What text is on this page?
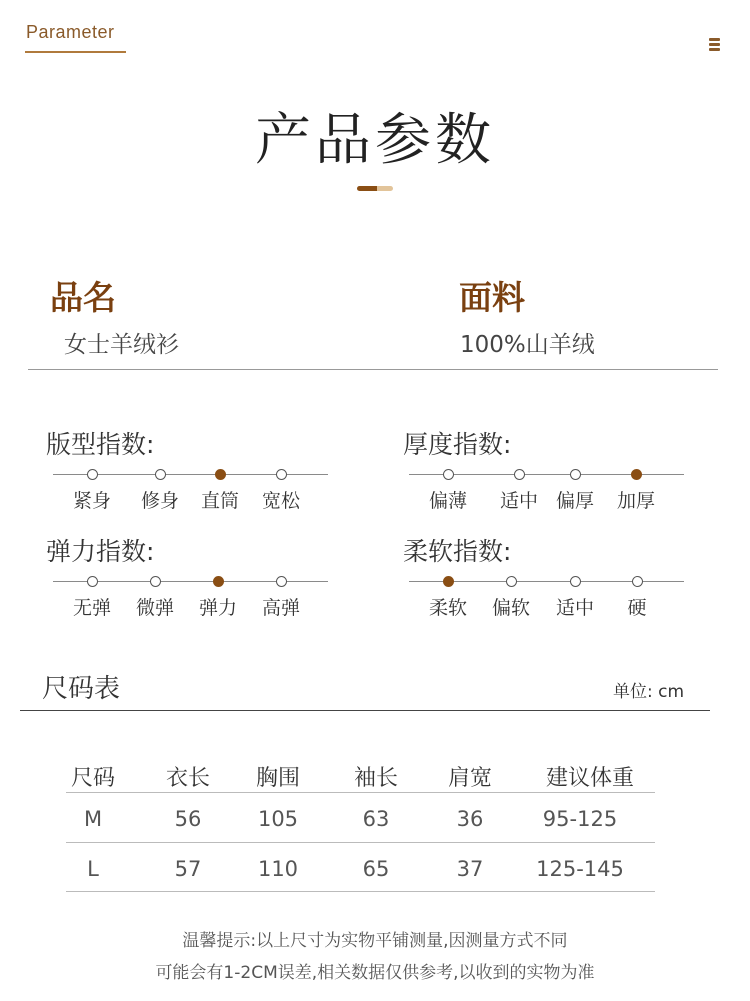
Parameter
产品参数
品名
女士羊绒衫
面料
100%山羊绒
版型指数:
紧身	修身	直筒	宽松
厚度指数:
偏薄	适中 偏厚	加厚
弹力指数:
无弹	微弹	弹力	高弹
柔软指数:
柔软	偏软	适中	硬
尺码表	单位: cm
尺码	衣长	胸围	袖长	肩宽	建议体重
M	56	105	63	36	95-125
L	57	110	65	37	125-145
温馨提示:以上尺寸为实物平铺测量,因测量方式不同
可能会有1-2CM误差,相关数据仅供参考,以收到的实物为准
